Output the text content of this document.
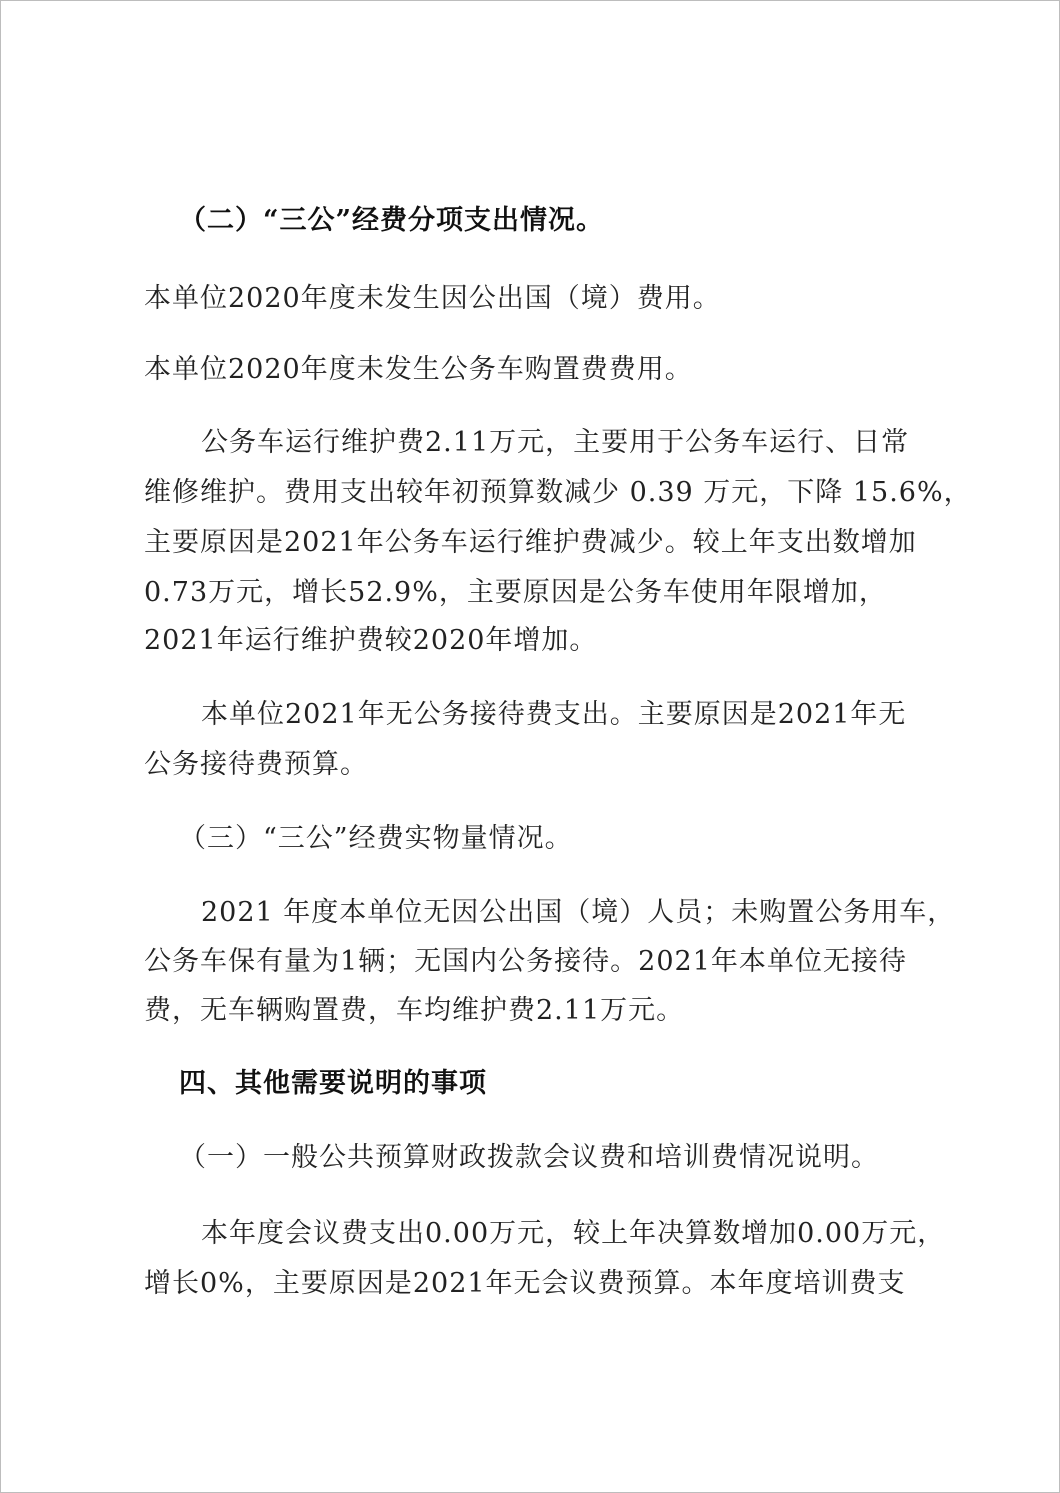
（二）“三公”经费分项支出情况。
本单位2020年度未发生因公出国（境）费用。
本单位2020年度未发生公务车购置费费用。
公务车运行维护费2.11万元，主要用于公务车运行、日常
维修维护。费用支出较年初预算数减少 0.39 万元，下降 15.6%，
主要原因是2021年公务车运行维护费减少。较上年支出数增加
0.73万元，增长52.9%，主要原因是公务车使用年限增加，
2021年运行维护费较2020年增加。
本单位2021年无公务接待费支出。主要原因是2021年无
公务接待费预算。
（三）“三公”经费实物量情况。
2021 年度本单位无因公出国（境）人员；未购置公务用车，
公务车保有量为1辆；无国内公务接待。2021年本单位无接待
费，无车辆购置费，车均维护费2.11万元。
四、其他需要说明的事项
（一）一般公共预算财政拨款会议费和培训费情况说明。
本年度会议费支出0.00万元，较上年决算数增加0.00万元，
增长0%，主要原因是2021年无会议费预算。本年度培训费支
